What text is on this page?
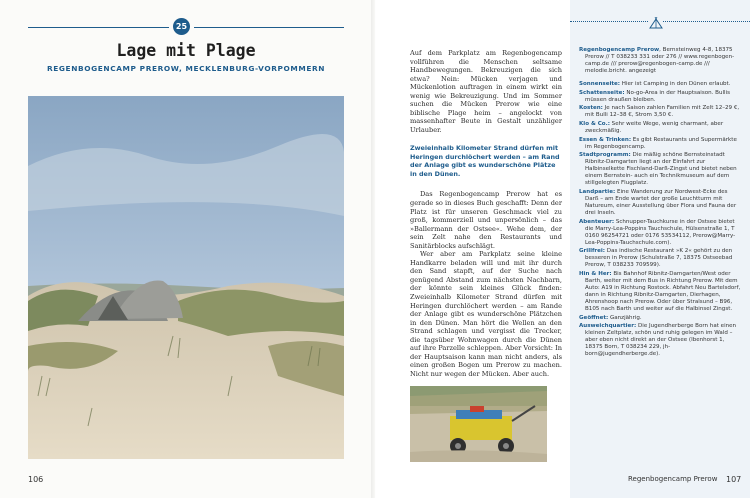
25
Lage mit Plage
REGENBOGENCAMP PREROW, MECKLENBURG-VORPOMMERN
106

Auf dem Parkplatz am Regenbogencamp vollführen die Menschen seltsame Handbewegungen. Bekreuzigen die sich etwa? Nein: Mücken verjagen und Mückenlotion auftragen in einem wirkt ein wenig wie Bekreuzigung. Und im Sommer suchen die Mücken Prerow wie eine biblische Plage heim – angelockt von massenhafter Beute in Gestalt unzähliger Urlauber.

Zweieinhalb Kilometer Strand dürfen mit Heringen durchlöchert werden – am Rand der Anlage gibt es wunderschöne Plätze in den Dünen.

Das Regenbogencamp Prerow hat es gerade so in dieses Buch geschafft: Denn der Platz ist für unseren Geschmack viel zu groß, kommerziell und unpersönlich – das »Ballermann der Ostsee«. Wehe dem, der sein Zelt nahe den Restaurants und Sanitärblocks aufschlägt.

Wer aber am Parkplatz seine kleine Handkarre beladen will und mit ihr durch den Sand stapft, auf der Suche nach genügend Abstand zum nächsten Nachbarn, der könnte sein kleines Glück finden: Zweieinhalb Kilometer Strand dürfen mit Heringen durchlöchert werden – am Rande der Anlage gibt es wunderschöne Plätzchen in den Dünen. Man hört die Wellen an den Strand schlagen und vergisst die Trecker, die tagsüber Wohnwagen durch die Dünen auf ihre Parzelle schleppen. Aber Vorsicht: In der Hauptsaison kann man nicht anders, als einen großen Bogen um Prerow zu machen. Nicht nur wegen der Mücken. Aber auch.

Regenbogencamp Prerow, Bernsteinweg 4-8, 18375 Prerow // T 038233 331 oder 276 // www.regenbogen-camp.de /// prerow@regenbogen-camp.de /// melodie.bricht. angezeigt
Sonnenseite: Hier ist Camping in den Dünen erlaubt.
Schattenseite: No-go-Area in der Hauptsaison. Bullis müssen draußen bleiben.
Kosten: Je nach Saison zahlen Familien mit Zelt 12–29 €, mit Bulli 12–38 €, Strom 3,50 €.
Klo & Co.: Sehr weite Wege, wenig charmant, aber zweckmäßig.
Essen & Trinken: Es gibt Restaurants und Supermärkte im Regenbogencamp.
Stadtprogramm: Die mäßig schöne Bernsteinstadt Ribnitz-Damgarten liegt an der Einfahrt zur Halbinselkette Fischland-Darß-Zingst und bietet neben einem Bernstein- auch ein Technikmuseum auf dem stillgelegten Flugplatz.
Landpartie: Eine Wanderung zur Nordwest-Ecke des Darß – am Ende wartet der große Leuchtturm mit Natureum, einer Ausstellung über Flora und Fauna der drei Inseln.
Abenteuer: Schnupper-Tauchkurse in der Ostsee bietet die Marry-Lea-Poppins Tauchschule, Hülsenstraße 1, T 0160 96254721 oder 0176 53534112, Prerow@Marry-Lea-Poppins-Tauchschule.com).
Grillfrei: Das indische Restaurant »K 2« gehört zu den besseren in Prerow (Schulstraße 7, 18375 Ostseebad Prerow, T 038233 709599).
Hin & Her: Bis Bahnhof Ribnitz-Damgarten/West oder Barth, weiter mit dem Bus in Richtung Prerow. Mit dem Auto: A19 in Richtung Rostock. Abfahrt Neu Bartelsdorf, dann in Richtung Ribnitz-Damgarten, Dierhagen, Ahrenshoop nach Prerow. Oder über Stralsund – B96, B105 nach Barth und weiter auf die Halbinsel Zingst.
Geöffnet: Ganzjährig.
Ausweichquartier: Die Jugendherberge Born hat einen kleinen Zeltplatz, schön und ruhig gelegen im Wald – aber eben nicht direkt an der Ostsee (Ibenhorst 1, 18375 Born, T 038234 229, jh-born@jugendherberge.de).
Regenbogencamp Prerow 107
